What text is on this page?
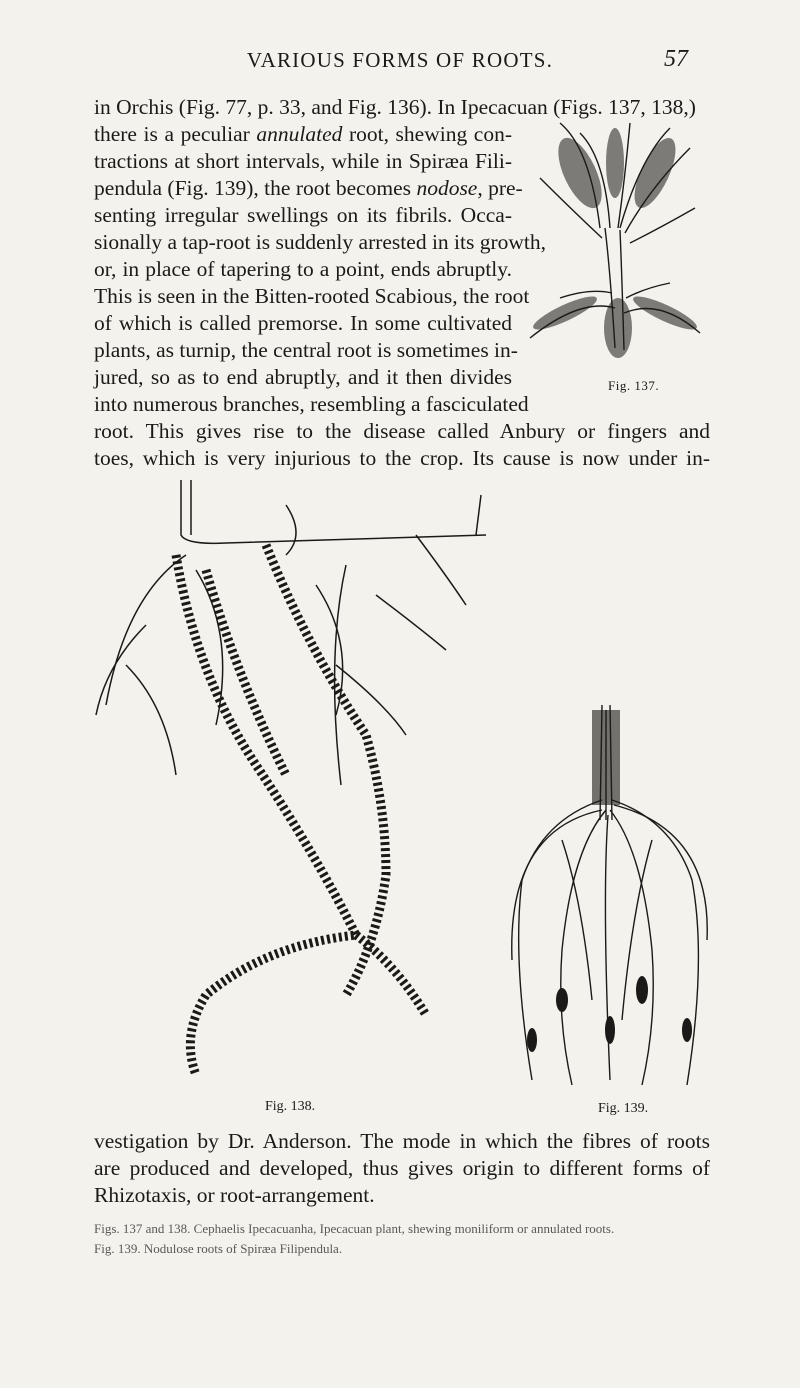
VARIOUS FORMS OF ROOTS.	57
in Orchis (Fig. 77, p. 33, and Fig. 136). In Ipecacuan (Figs. 137, 138,)
there is a peculiar annulated root, shewing con-
tractions at short intervals, while in Spiræa Fili-
pendula (Fig. 139), the root becomes nodose, pre-
senting irregular swellings on its fibrils. Occa-
sionally a tap-root is suddenly arrested in its growth,
or, in place of tapering to a point, ends abruptly.
This is seen in the Bitten-rooted Scabious, the root
of which is called premorse. In some cultivated
plants, as turnip, the central root is sometimes in-
jured, so as to end abruptly, and it then divides
into numerous branches, resembling a fasciculated
root. This gives rise to the disease called Anbury or fingers and
toes, which is very injurious to the crop. Its cause is now under in-
Fig. 137.
Fig. 138.	Fig. 139.
vestigation by Dr. Anderson. The mode in which the fibres of roots
are produced and developed, thus gives origin to different forms of
Rhizotaxis, or root-arrangement.
Figs. 137 and 138. Cephaelis Ipecacuanha, Ipecacuan plant, shewing moniliform or annulated roots.
Fig. 139. Nodulose roots of Spiræa Filipendula.
